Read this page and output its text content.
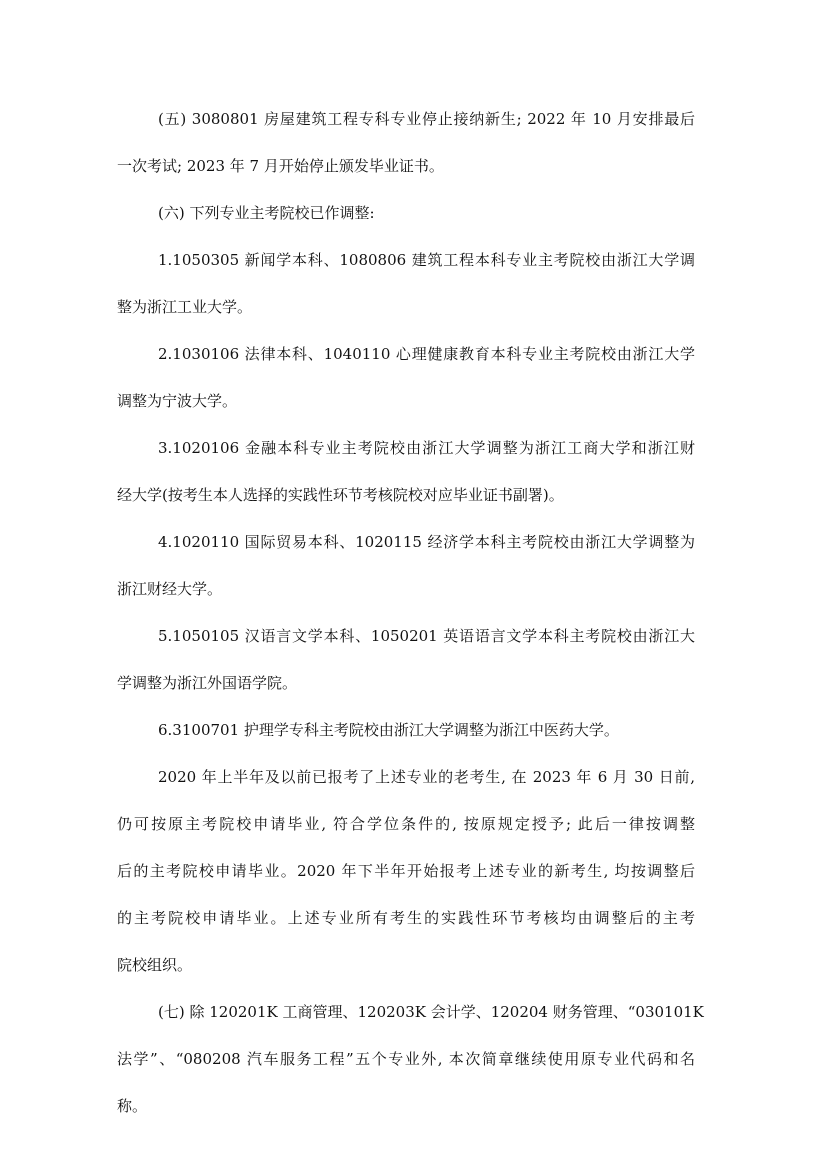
(五) 3080801 房屋建筑工程专科专业停止接纳新生; 2022 年 10 月安排最后
一次考试; 2023 年 7 月开始停止颁发毕业证书。
(六) 下列专业主考院校已作调整:
1.1050305 新闻学本科、1080806 建筑工程本科专业主考院校由浙江大学调
整为浙江工业大学。
2.1030106 法律本科、1040110 心理健康教育本科专业主考院校由浙江大学
调整为宁波大学。
3.1020106 金融本科专业主考院校由浙江大学调整为浙江工商大学和浙江财
经大学(按考生本人选择的实践性环节考核院校对应毕业证书副署)。
4.1020110 国际贸易本科、1020115 经济学本科主考院校由浙江大学调整为
浙江财经大学。
5.1050105 汉语言文学本科、1050201 英语语言文学本科主考院校由浙江大
学调整为浙江外国语学院。
6.3100701 护理学专科主考院校由浙江大学调整为浙江中医药大学。
2020 年上半年及以前已报考了上述专业的老考生, 在 2023 年 6 月 30 日前,
仍可按原主考院校申请毕业, 符合学位条件的, 按原规定授予; 此后一律按调整
后的主考院校申请毕业。2020 年下半年开始报考上述专业的新考生, 均按调整后
的主考院校申请毕业。上述专业所有考生的实践性环节考核均由调整后的主考
院校组织。
(七) 除 120201K 工商管理、120203K 会计学、120204 财务管理、“030101K
法学”、“080208 汽车服务工程”五个专业外, 本次简章继续使用原专业代码和名
称。
